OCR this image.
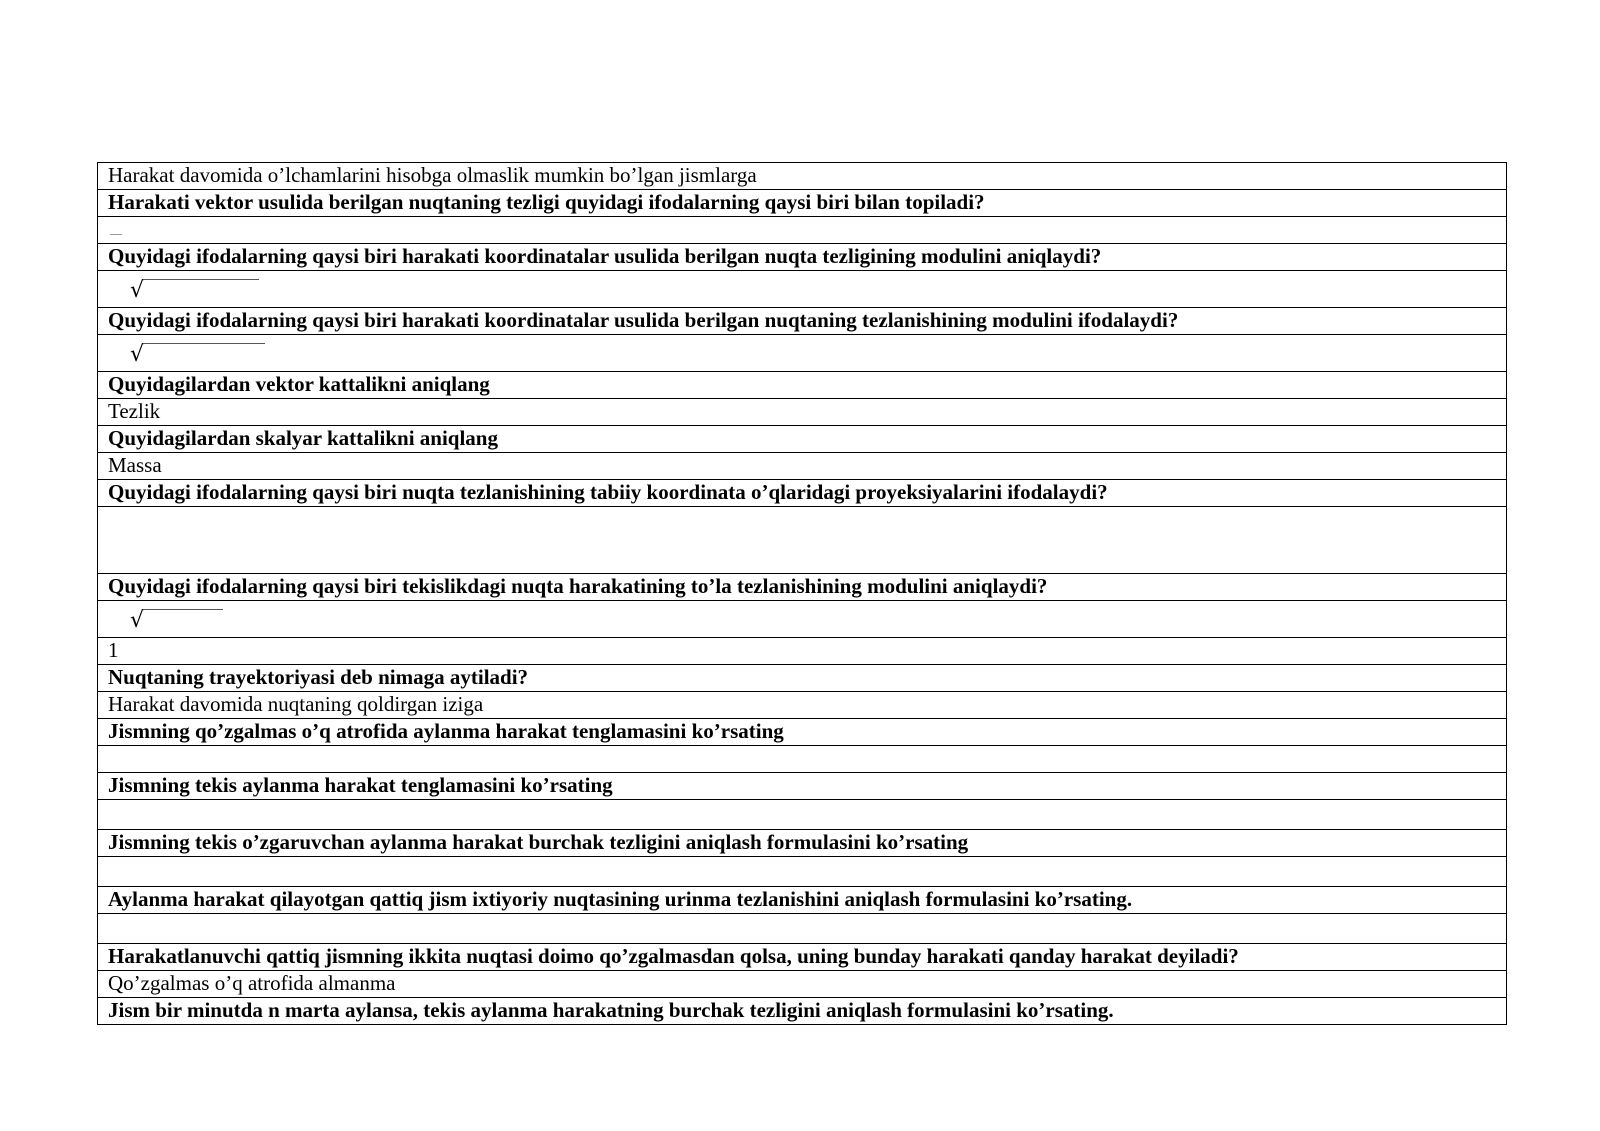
Harakat davomida o’lchamlarini hisobga olmaslik mumkin bo’lgan jismlarga
Harakati vektor usulida berilgan nuqtaning tezligi quyidagi ifodalarning qaysi biri bilan topiladi?

Quyidagi ifodalarning qaysi biri harakati koordinatalar usulida berilgan nuqta tezligining modulini aniqlaydi?
√

Quyidagi ifodalarning qaysi biri harakati koordinatalar usulida berilgan nuqtaning tezlanishining modulini ifodalaydi?
√

Quyidagilardan vektor kattalikni aniqlang
Tezlik
Quyidagilardan skalyar kattalikni aniqlang
Massa
Quyidagi ifodalarning qaysi biri nuqta tezlanishining tabiiy koordinata o’qlaridagi proyeksiyalarini ifodalaydi?

Quyidagi ifodalarning qaysi biri tekislikdagi nuqta harakatining to’la tezlanishining modulini aniqlaydi?
√

1
Nuqtaning trayektoriyasi deb nimaga aytiladi?
Harakat davomida nuqtaning qoldirgan iziga
Jismning qo’zgalmas o’q atrofida aylanma harakat tenglamasini ko’rsating

Jismning tekis aylanma harakat tenglamasini ko’rsating

Jismning tekis o’zgaruvchan aylanma harakat burchak tezligini aniqlash formulasini ko’rsating

Aylanma harakat qilayotgan qattiq jism ixtiyoriy nuqtasining urinma tezlanishini aniqlash formulasini ko’rsating.

Harakatlanuvchi qattiq jismning ikkita nuqtasi doimo qo’zgalmasdan qolsa, uning bunday harakati qanday harakat deyiladi?
Qo’zgalmas o’q atrofida almanma
Jism bir minutda n marta aylansa, tekis aylanma harakatning burchak tezligini aniqlash formulasini ko’rsating.
